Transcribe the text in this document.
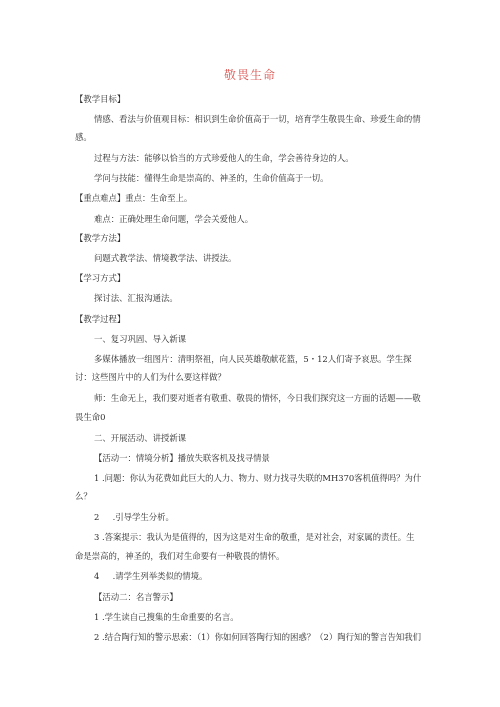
敬畏生命
【教学目标】
情感、看法与价值观目标：相识到生命价值高于一切，培育学生敬畏生命、珍爱生命的情
感。
过程与方法：能够以恰当的方式珍爱他人的生命，学会善待身边的人。
学问与技能：懂得生命是崇高的、神圣的，生命价值高于一切。
【重点难点】重点：生命至上。
难点：正确处理生命问题，学会关爱他人。
【教学方法】
问题式教学法、情境教学法、讲授法。
【学习方式】
探讨法、汇报沟通法。
【教学过程】
一、复习巩固、导入新课
多媒体播放一组图片：清明祭祖，向人民英雄敬献花篮，5・12人们寄予哀思。学生探
讨：这些图片中的人们为什么要这样做？
师：生命无上，我们要对逝者有敬重、敬畏的情怀，今日我们探究这一方面的话题——敬
畏生命0
二、开展活动、讲授新课
【活动一：情境分析】播放失联客机及找寻情景
1 .问题：你认为花费如此巨大的人力、物力、财力找寻失联的MH370客机值得吗？为什
么？
2     .引导学生分析。
3 .答案提示：我认为是值得的，因为这是对生命的敬重，是对社会，对家属的责任。生
命是崇高的，神圣的，我们对生命要有一种敬畏的情怀。
4     .请学生列举类似的情境。
【活动二：名言警示】
1 .学生读自己搜集的生命重要的名言。
2 .结合陶行知的警示思索：（1）你如何回答陶行知的困惑？（2）陶行知的警言告知我们
